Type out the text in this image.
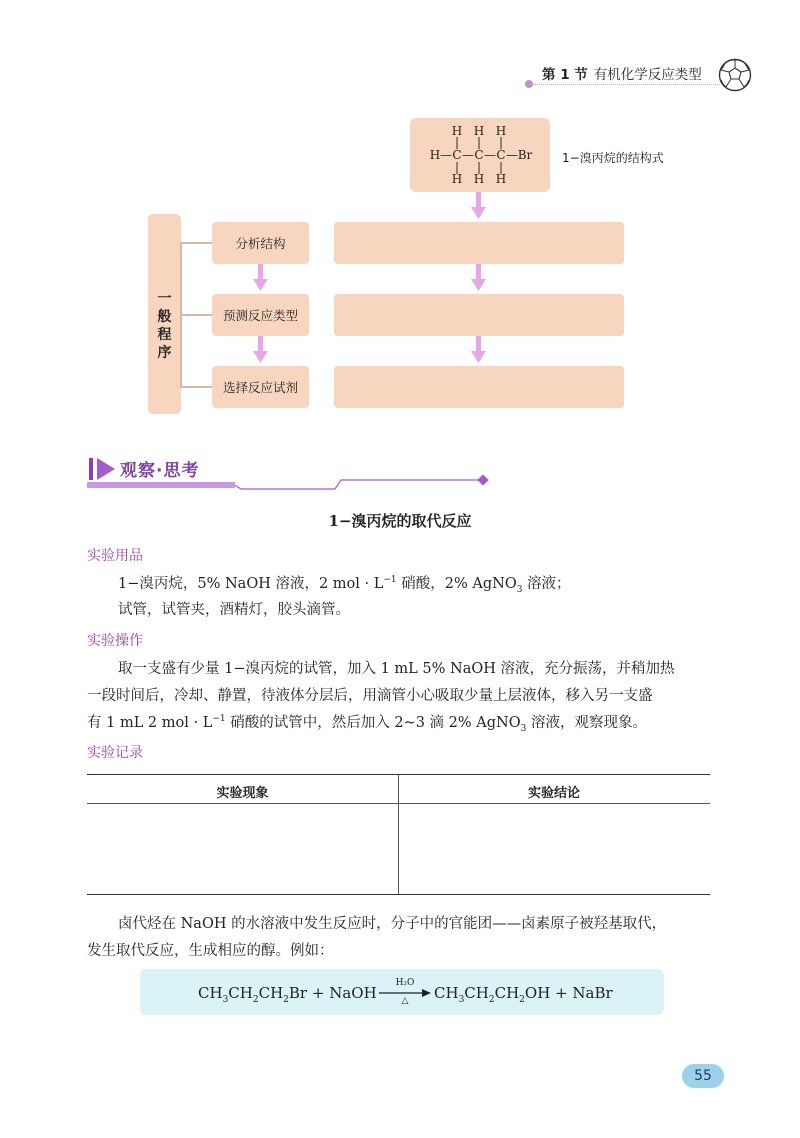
第 1 节 有机化学反应类型
H H H
| | |
H — C — C — C — Br
| | |
H H H
1−溴丙烷的结构式
一
般
程
序
分析结构
预测反应类型
选择反应试剂
观察·思考
1−溴丙烷的取代反应
实验用品
1−溴丙烷，5% NaOH 溶液，2 mol · $L^{-1}$ 硝酸，2% AgNO$_3$ 溶液；
试管，试管夹，酒精灯，胶头滴管。
实验操作
取一支盛有少量 1−溴丙烷的试管，加入 1 mL 5% NaOH 溶液，充分振荡，并稍加热
一段时间后，冷却、静置，待液体分层后，用滴管小心吸取少量上层液体，移入另一支盛
有 1 mL 2 mol · $L^{-1}$ 硝酸的试管中，然后加入 2~3 滴 2% AgNO$_3$ 溶液，观察现象。
实验记录
实验现象	实验结论
卤代烃在 NaOH 的水溶液中发生反应时，分子中的官能团——卤素原子被羟基取代，
发生取代反应，生成相应的醇。例如：
$CH_3CH_2CH_2Br$ + NaOH
H₂O
△	$CH_3CH_2CH_2OH$ + NaBr
55
